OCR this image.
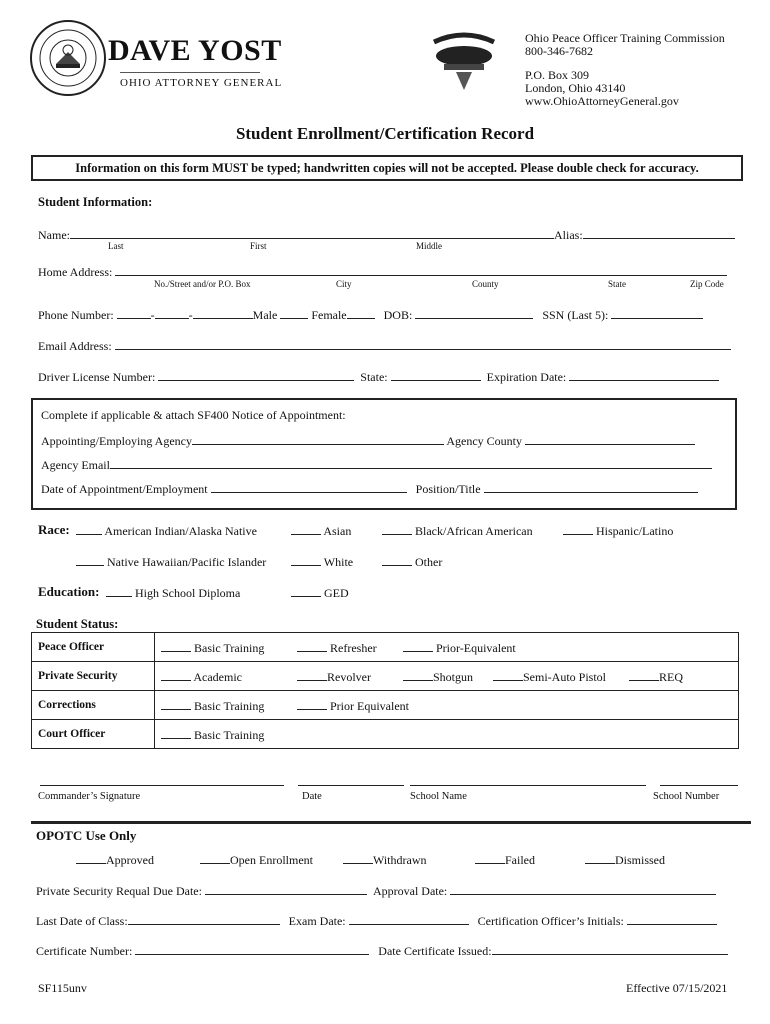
DAVE YOST
OHIO ATTORNEY GENERAL
Ohio Peace Officer Training Commission
800-346-7682
P.O. Box 309
London, Ohio 43140
www.OhioAttorneyGeneral.gov
Student Enrollment/Certification Record
Information on this form MUST be typed; handwritten copies will not be accepted. Please double check for accuracy.
Student Information:
Name:	Alias:
Last	First	Middle
Home Address:
No./Street and/or P.O. Box	City	County	State	Zip Code
Phone Number:	-	-	Male	Female	DOB:	SSN (Last 5):
Email Address:
Driver License Number:	State:	Expiration Date:
Complete if applicable & attach SF400 Notice of Appointment:
Appointing/Employing Agency	Agency County
Agency Email
Date of Appointment/Employment	Position/Title
Race:	American Indian/Alaska Native	Asian	Black/African American	Hispanic/Latino
Native Hawaiian/Pacific Islander	White	Other
Education:	High School Diploma	GED
Student Status:
Peace Officer	Basic Training Refresher Prior-Equivalent

Private Security	Academic Revolver Shotgun Semi-Auto Pistol REQ

Corrections	Basic Training Prior Equivalent

Court Officer	Basic Training
Commander’s Signature	Date	School Name	School Number
OPOTC Use Only
Approved	Open Enrollment	Withdrawn	Failed	Dismissed
Private Security Requal Due Date:	Approval Date:
Last Date of Class:	Exam Date:	Certification Officer’s Initials:
Certificate Number:	Date Certificate Issued:
SF115unv	Effective 07/15/2021
